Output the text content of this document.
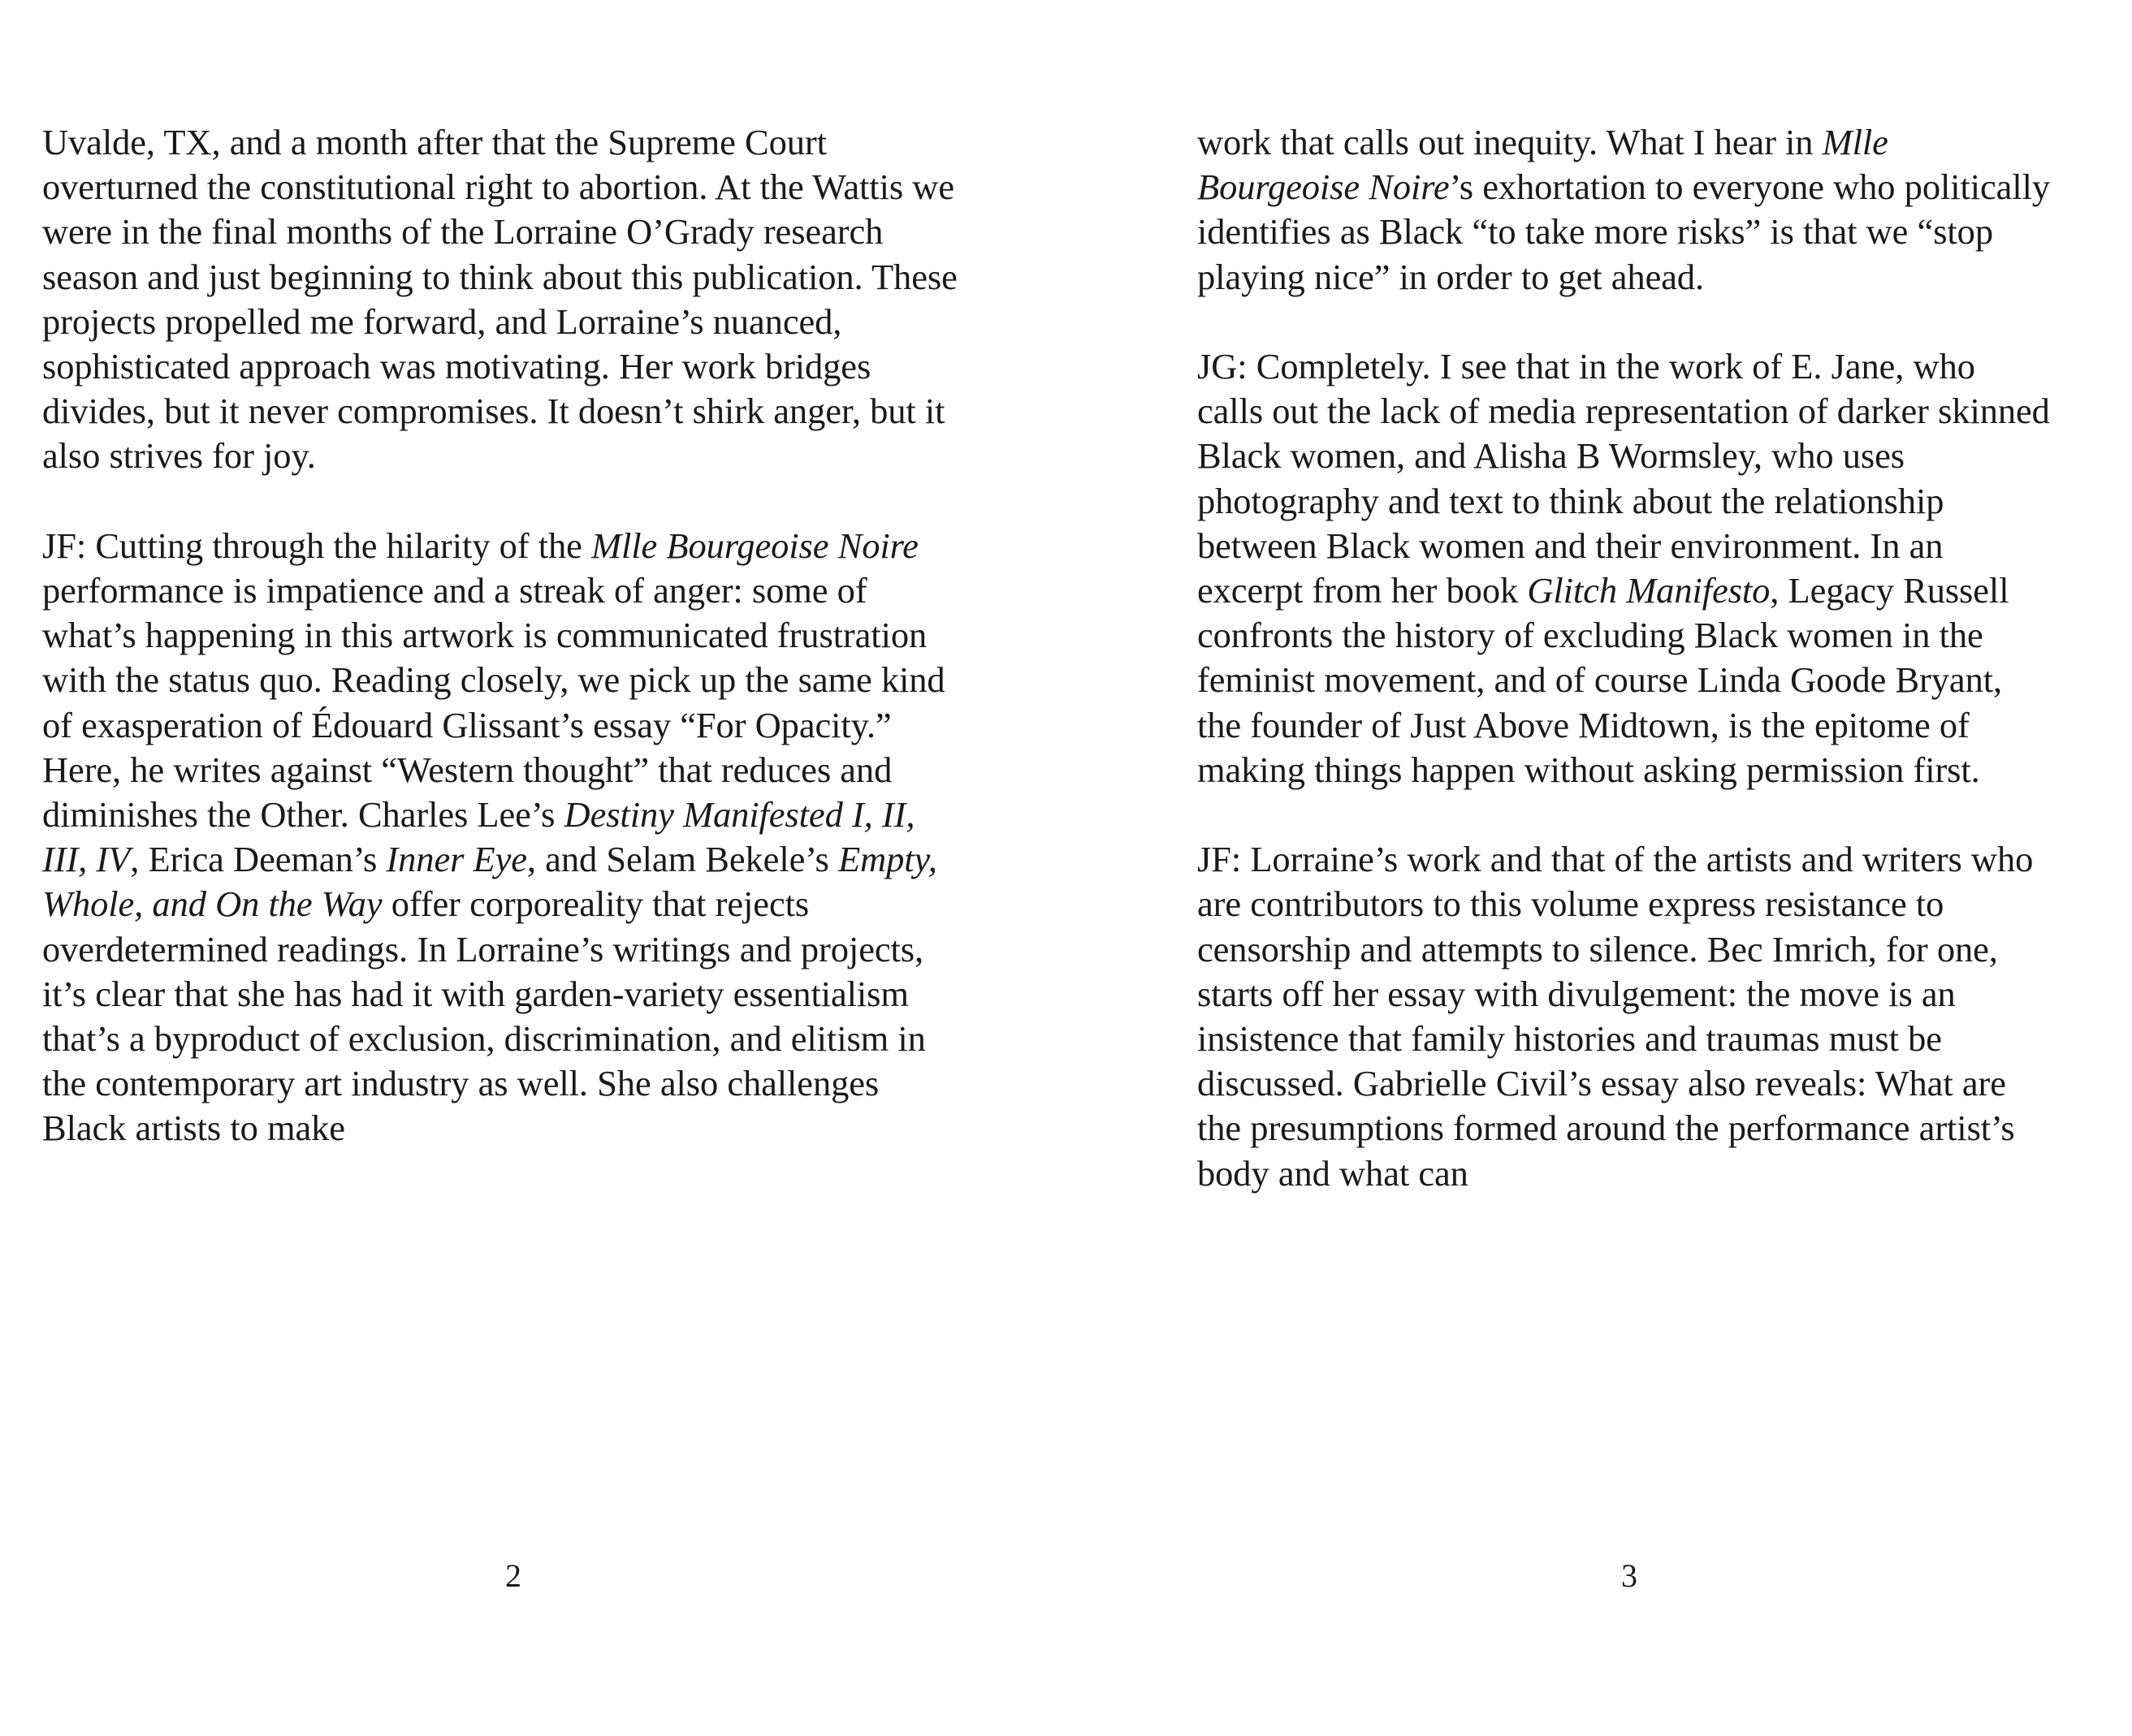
Uvalde, TX, and a month after that the Supreme Court overturned the constitutional right to abortion. At the Wattis we were in the final months of the Lorraine O’Grady research season and just beginning to think about this publication. These projects propelled me forward, and Lorraine’s nuanced, sophisticated approach was motivating. Her work bridges divides, but it never compromises. It doesn’t shirk anger, but it also strives for joy.

JF: Cutting through the hilarity of the Mlle Bourgeoise Noire performance is impatience and a streak of anger: some of what’s happening in this artwork is communicated frustration with the status quo. Reading closely, we pick up the same kind of exasperation of Édouard Glissant’s essay “For Opacity.” Here, he writes against “Western thought” that reduces and diminishes the Other. Charles Lee’s Destiny Manifested I, II, III, IV, Erica Deeman’s Inner Eye, and Selam Bekele’s Empty, Whole, and On the Way offer corporeality that rejects overdetermined readings. In Lorraine’s writings and projects, it’s clear that she has had it with garden-variety essentialism that’s a byproduct of exclusion, discrimination, and elitism in the contemporary art industry as well. She also challenges Black artists to make

work that calls out inequity. What I hear in Mlle Bourgeoise Noire’s exhortation to everyone who politically identifies as Black “to take more risks” is that we “stop playing nice” in order to get ahead.

JG: Completely. I see that in the work of E. Jane, who calls out the lack of media representation of darker skinned Black women, and Alisha B Wormsley, who uses photography and text to think about the relationship between Black women and their environment. In an excerpt from her book Glitch Manifesto, Legacy Russell confronts the history of excluding Black women in the feminist movement, and of course Linda Goode Bryant, the founder of Just Above Midtown, is the epitome of making things happen without asking permission first.

JF: Lorraine’s work and that of the artists and writers who are contributors to this volume express resistance to censorship and attempts to silence. Bec Imrich, for one, starts off her essay with divulgement: the move is an insistence that family histories and traumas must be discussed. Gabrielle Civil’s essay also reveals: What are the presumptions formed around the performance artist’s body and what can

2	3
